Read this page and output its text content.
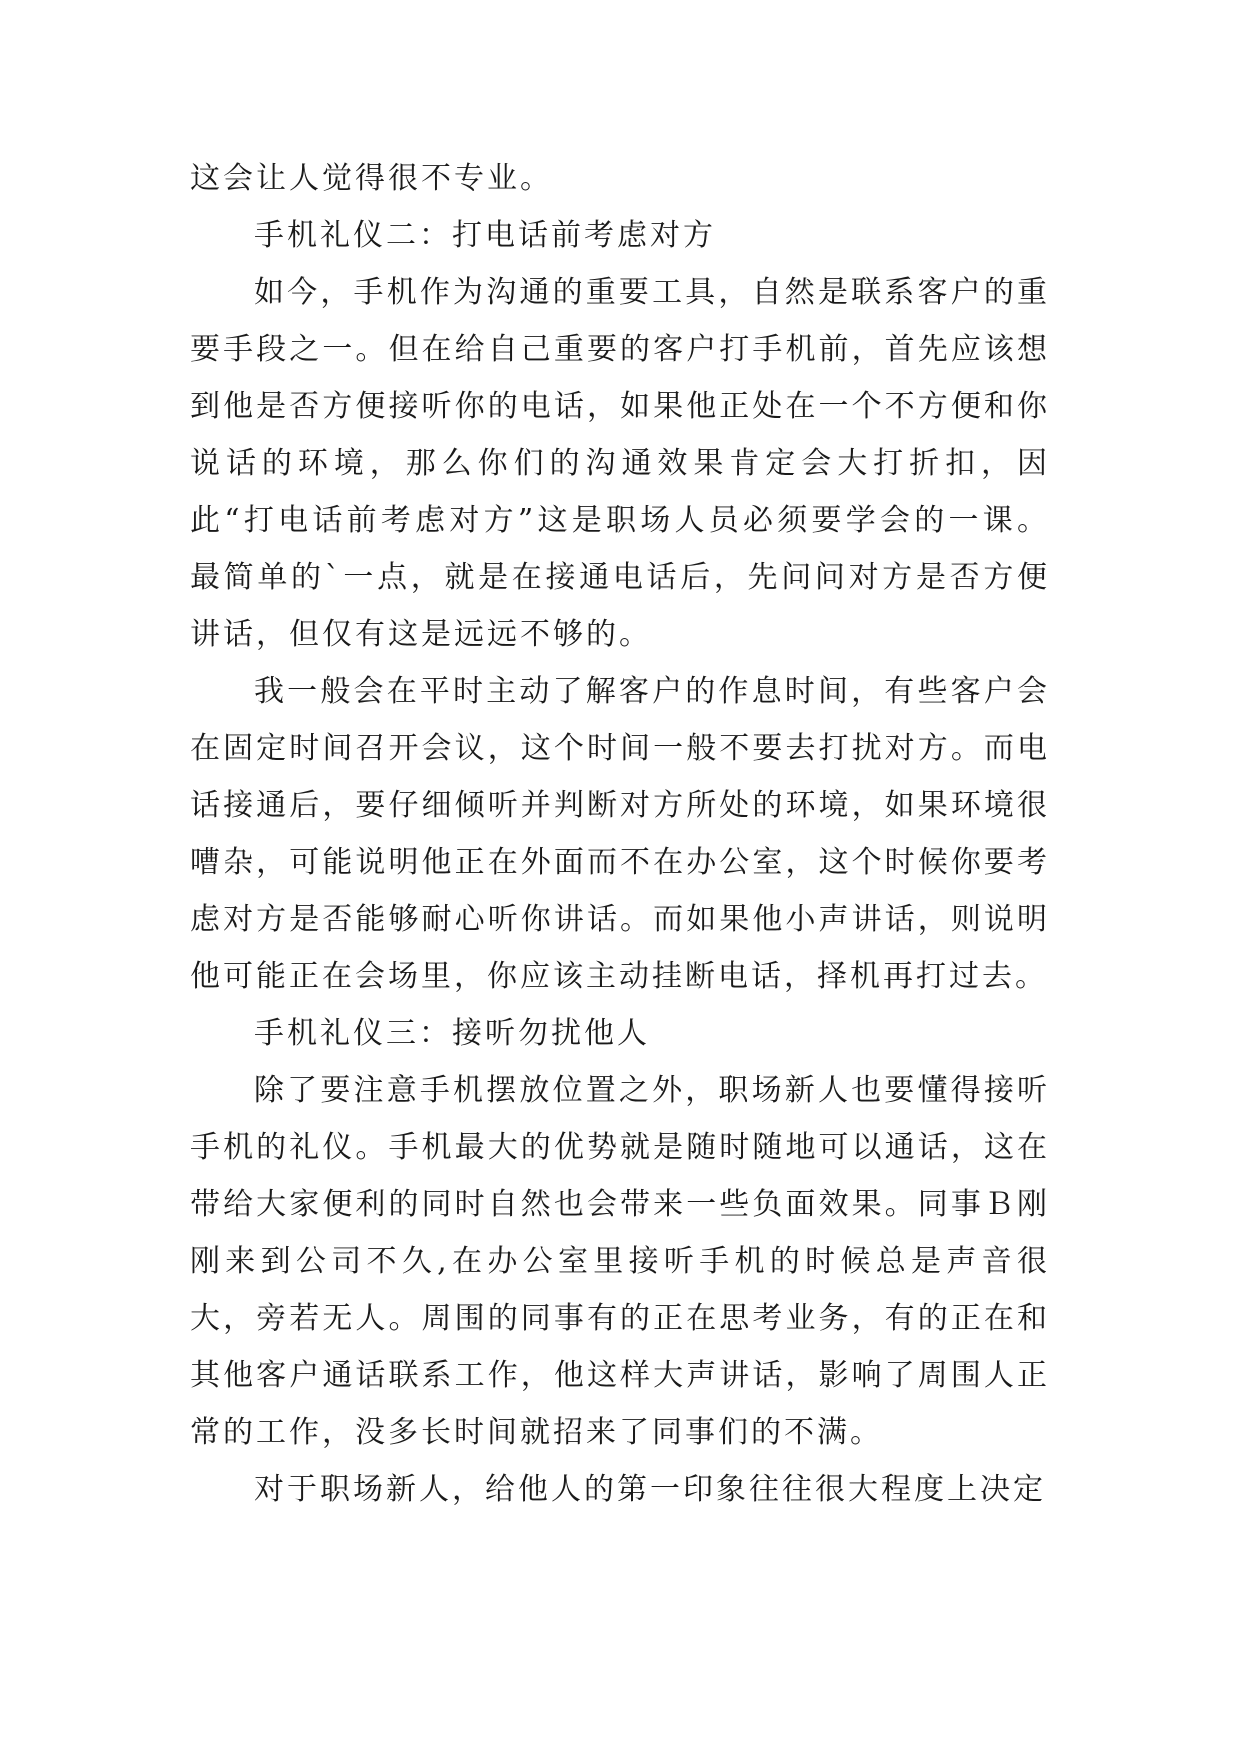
这会让人觉得很不专业。

手机礼仪二：打电话前考虑对方

如今，手机作为沟通的重要工具，自然是联系客户的重要手段之一。但在给自己重要的客户打手机前，首先应该想到他是否方便接听你的电话，如果他正处在一个不方便和你说话的环境，那么你们的沟通效果肯定会大打折扣，因此“打电话前考虑对方”这是职场人员必须要学会的一课。最简单的`一点，就是在接通电话后，先问问对方是否方便讲话，但仅有这是远远不够的。

我一般会在平时主动了解客户的作息时间，有些客户会在固定时间召开会议，这个时间一般不要去打扰对方。而电话接通后，要仔细倾听并判断对方所处的环境，如果环境很嘈杂，可能说明他正在外面而不在办公室，这个时候你要考虑对方是否能够耐心听你讲话。而如果他小声讲话，则说明他可能正在会场里，你应该主动挂断电话，择机再打过去。

手机礼仪三：接听勿扰他人

除了要注意手机摆放位置之外，职场新人也要懂得接听手机的礼仪。手机最大的优势就是随时随地可以通话，这在带给大家便利的同时自然也会带来一些负面效果。同事Ｂ刚刚来到公司不久,在办公室里接听手机的时候总是声音很大，旁若无人。周围的同事有的正在思考业务，有的正在和其他客户通话联系工作，他这样大声讲话，影响了周围人正常的工作，没多长时间就招来了同事们的不满。

对于职场新人，给他人的第一印象往往很大程度上决定
